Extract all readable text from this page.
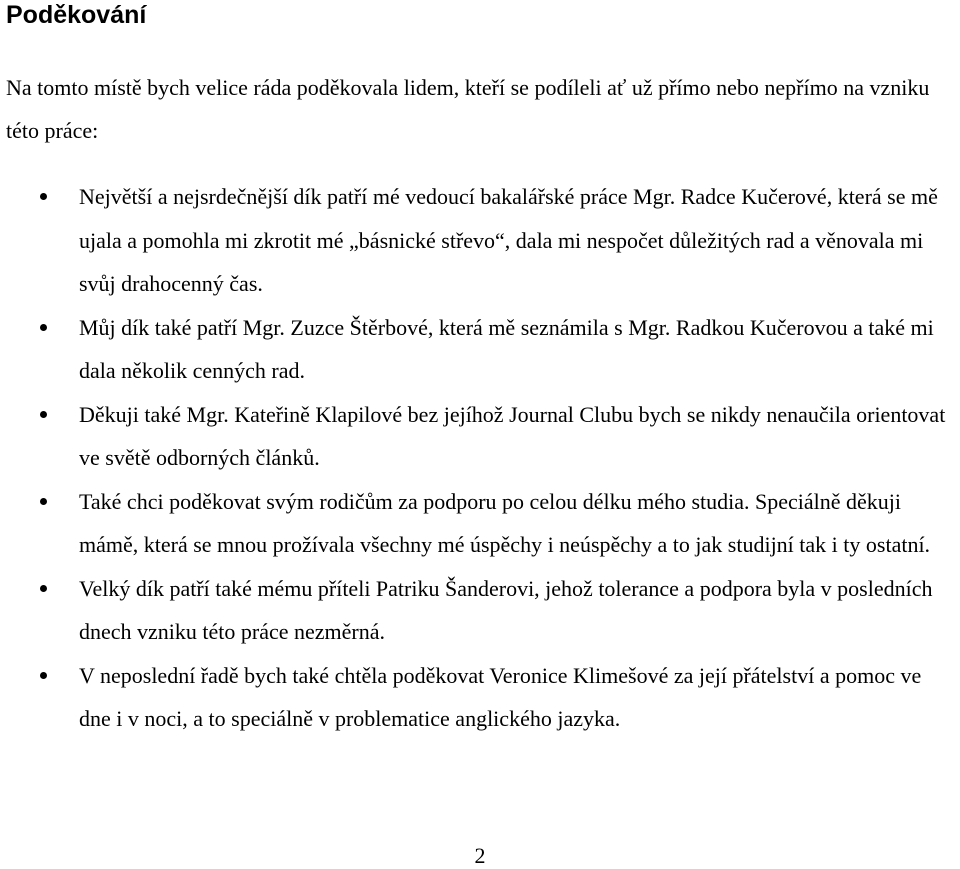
Poděkování

Na tomto místě bych velice ráda poděkovala lidem, kteří se podíleli ať už přímo nebo nepřímo na vzniku této práce:

Největší a nejsrdečnější dík patří mé vedoucí bakalářské práce Mgr. Radce Kučerové, která se mě ujala a pomohla mi zkrotit mé „básnické střevo“, dala mi nespočet důležitých rad a věnovala mi svůj drahocenný čas.
Můj dík také patří Mgr. Zuzce Štěrbové, která mě seznámila s Mgr. Radkou Kučerovou a také mi dala několik cenných rad.
Děkuji také Mgr. Kateřině Klapilové bez jejíhož Journal Clubu bych se nikdy nenaučila orientovat ve světě odborných článků.
Také chci poděkovat svým rodičům za podporu po celou délku mého studia. Speciálně děkuji mámě, která se mnou prožívala všechny mé úspěchy i neúspěchy a to jak studijní tak i ty ostatní.
Velký dík patří také mému příteli Patriku Šanderovi, jehož tolerance a podpora byla v posledních dnech vzniku této práce nezměrná.
V neposlední řadě bych také chtěla poděkovat Veronice Klimešové za její přátelství a pomoc ve dne i v noci, a to speciálně v problematice anglického jazyka.
2
